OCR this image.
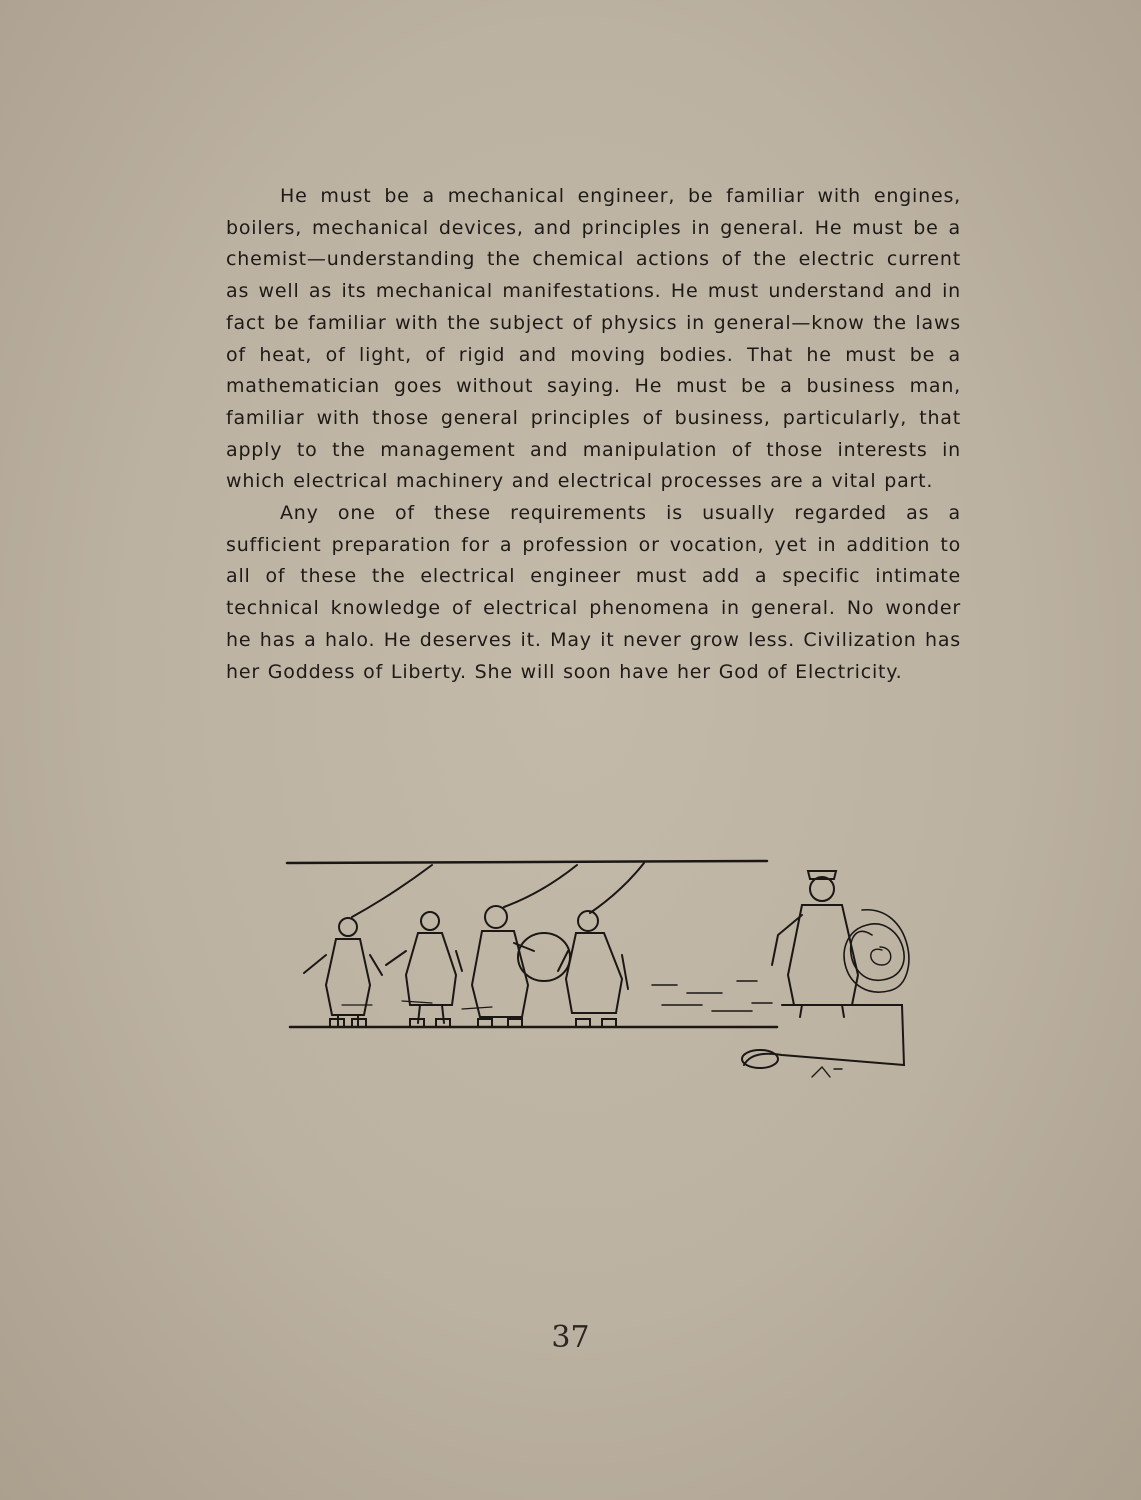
He must be a mechanical engineer, be familiar with engines, boilers, mechanical devices, and principles in general. He must be a chemist—understanding the chemical actions of the electric current as well as its mechanical manifestations. He must understand and in fact be familiar with the subject of physics in general—know the laws of heat, of light, of rigid and moving bodies. That he must be a mathematician goes without saying. He must be a business man, familiar with those general principles of business, particularly, that apply to the management and manipulation of those interests in which electrical machinery and electrical processes are a vital part.

Any one of these requirements is usually regarded as a sufficient preparation for a profession or vocation, yet in addition to all of these the electrical engineer must add a specific intimate technical knowledge of electrical phenomena in general. No wonder he has a halo. He deserves it. May it never grow less. Civilization has her Goddess of Liberty. She will soon have her God of Electricity.

37
